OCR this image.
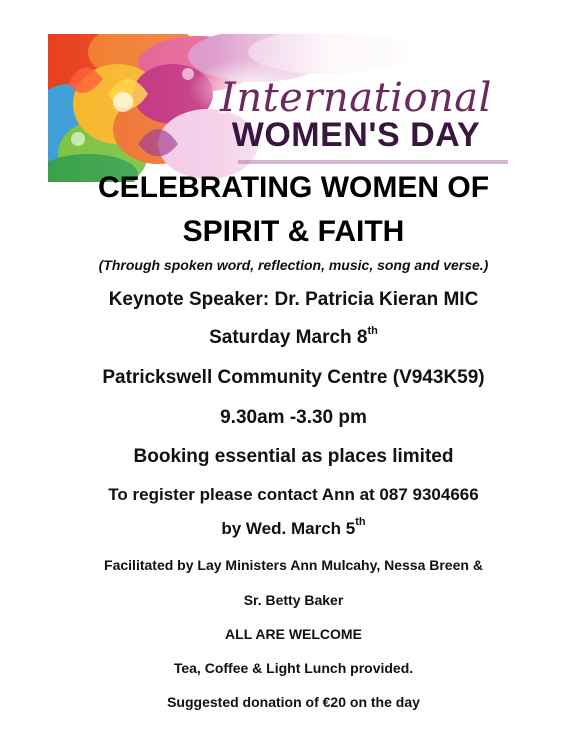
International
WOMEN'S DAY
CELEBRATING WOMEN OF
SPIRIT & FAITH
(Through spoken word, reflection, music, song and verse.)
Keynote Speaker: Dr. Patricia Kieran MIC
Saturday March 8th
Patrickswell Community Centre (V943K59)
9.30am -3.30 pm
Booking essential as places limited
To register please contact Ann at 087 9304666
by Wed. March 5th
Facilitated by Lay Ministers Ann Mulcahy, Nessa Breen &
Sr. Betty Baker
ALL ARE WELCOME
Tea, Coffee & Light Lunch provided.
Suggested donation of €20 on the day
